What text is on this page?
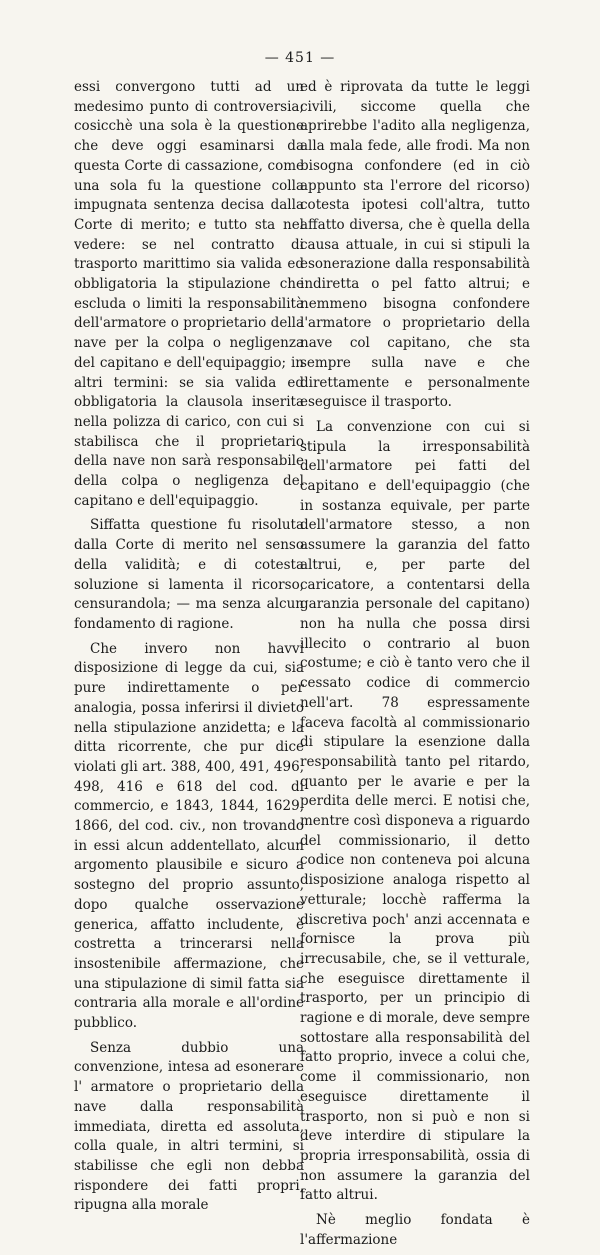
— 451 —

essi convergono tutti ad un medesimo punto di controversia; cosicchè una sola è la questione che deve oggi esaminarsi da questa Corte di cassazione, come una sola fu la questione colla impugnata sentenza decisa dalla Corte di merito; e tutto sta nel vedere: se nel contratto di trasporto marittimo sia valida ed obbligatoria la stipulazione che escluda o limiti la responsabilità dell'armatore o proprietario della nave per la colpa o negligenza del capitano e dell'equipaggio; in altri termini: se sia valida ed obbligatoria la clausola inserita nella polizza di carico, con cui si stabilisca che il proprietario della nave non sarà responsabile della colpa o negligenza del capitano e dell'equipaggio.

Siffatta questione fu risoluta dalla Corte di merito nel senso della validità; e di cotesta soluzione si lamenta il ricorso, censurandola; — ma senza alcun fondamento di ragione.

Che invero non havvi disposizione di legge da cui, sia pure indirettamente o per analogia, possa inferirsi il divieto nella stipulazione anzidetta; e la ditta ricorrente, che pur dice violati gli art. 388, 400, 491, 496, 498, 416 e 618 del cod. di commercio, e 1843, 1844, 1629, 1866, del cod. civ., non trovando in essi alcun addentellato, alcun argomento plausibile e sicuro a sostegno del proprio assunto, dopo qualche osservazione generica, affatto includente, è costretta a trincerarsi nella insostenibile affermazione, che una stipulazione di simil fatta sia contraria alla morale e all'ordine pubblico.

Senza dubbio una convenzione, intesa ad esonerare l' armatore o proprietario della nave dalla responsabilità immediata, diretta ed assoluta, colla quale, in altri termini, si stabilisse che egli non debba rispondere dei fatti propri, ripugna alla morale

ed è riprovata da tutte le leggi civili, siccome quella che aprirebbe l'adito alla negligenza, alla mala fede, alle frodi. Ma non bisogna confondere (ed in ciò appunto sta l'errore del ricorso) cotesta ipotesi coll'altra, tutto affatto diversa, che è quella della causa attuale, in cui si stipuli la esonerazione dalla responsabilità indiretta o pel fatto altrui; e nemmeno bisogna confondere l'armatore o proprietario della nave col capitano, che sta sempre sulla nave e che direttamente e personalmente eseguisce il trasporto.

La convenzione con cui si stipula la irresponsabilità dell'armatore pei fatti del capitano e dell'equipaggio (che in sostanza equivale, per parte dell'armatore stesso, a non assumere la garanzia del fatto altrui, e, per parte del caricatore, a contentarsi della garanzia personale del capitano) non ha nulla che possa dirsi illecito o contrario al buon costume; e ciò è tanto vero che il cessato codice di commercio nell'art. 78 espressamente faceva facoltà al commissionario di stipulare la esenzione dalla responsabilità tanto pel ritardo, quanto per le avarie e per la perdita delle merci. E notisi che, mentre così disponeva a riguardo del commissionario, il detto codice non conteneva poi alcuna disposizione analoga rispetto al vetturale; locchè rafferma la discretiva poch' anzi accennata e fornisce la prova più irrecusabile, che, se il vetturale, che eseguisce direttamente il trasporto, per un principio di ragione e di morale, deve sempre sottostare alla responsabilità del fatto proprio, invece a colui che, come il commissionario, non eseguisce direttamente il trasporto, non si può e non si deve interdire di stipulare la propria irresponsabilità, ossia di non assumere la garanzia del fatto altrui.

Nè meglio fondata è l'affermazione
